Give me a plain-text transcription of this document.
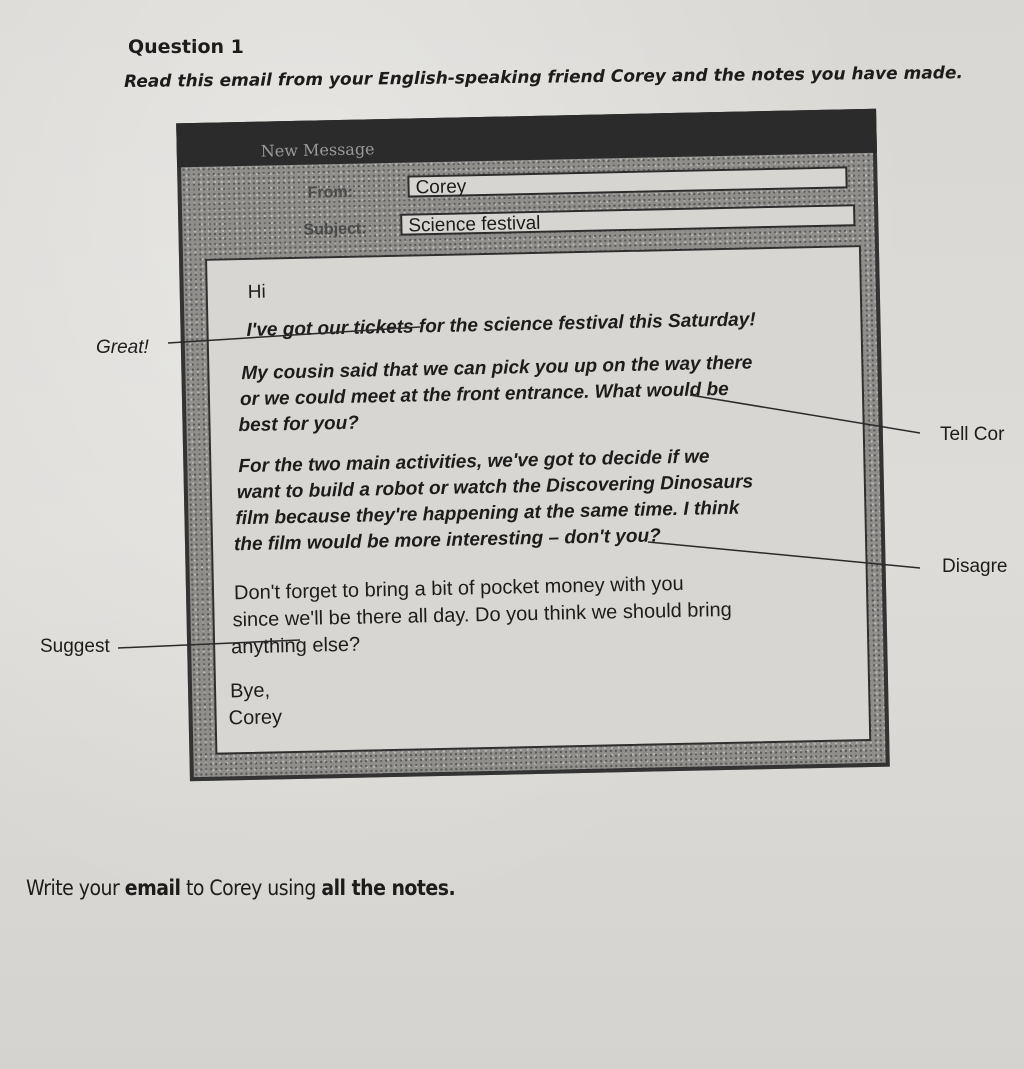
Question 1
Read this email from your English-speaking friend Corey and the notes you have made.
New Message
From:	Corey
Subject:	Science festival
Hi
I've got our tickets for the science festival this Saturday!
My cousin said that we can pick you up on the way there
or we could meet at the front entrance. What would be
best for you?
For the two main activities, we've got to decide if we
want to build a robot or watch the Discovering Dinosaurs
film because they're happening at the same time. I think
the film would be more interesting – don't you?
Don't forget to bring a bit of pocket money with you
since we'll be there all day. Do you think we should bring
anything else?
Bye,
Corey
Great!
Tell Cor
Disagre
Suggest
Write your email to Corey using all the notes.
